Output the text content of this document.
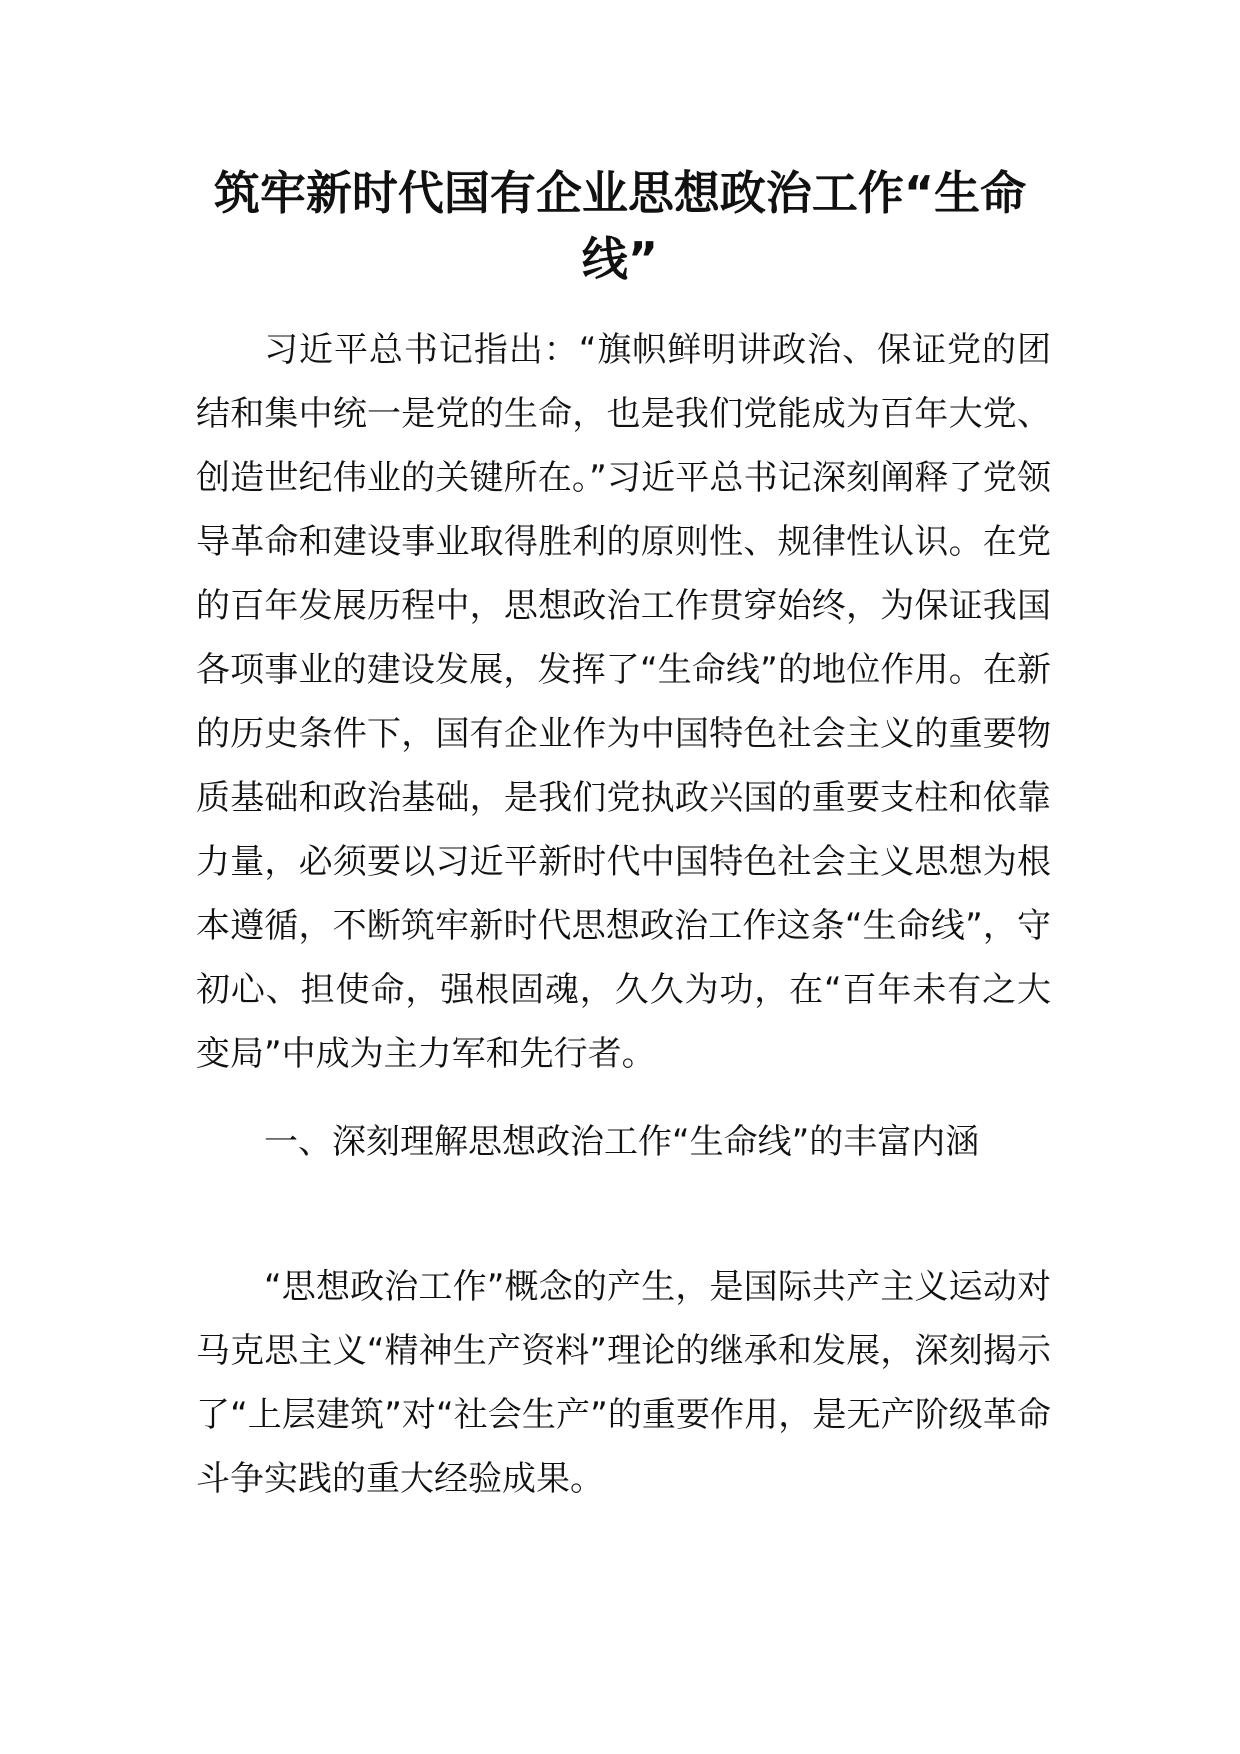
筑牢新时代国有企业思想政治工作“生命线”

习近平总书记指出：“旗帜鲜明讲政治、保证党的团结和集中统一是党的生命，也是我们党能成为百年大党、创造世纪伟业的关键所在。”习近平总书记深刻阐释了党领导革命和建设事业取得胜利的原则性、规律性认识。在党的百年发展历程中，思想政治工作贯穿始终，为保证我国各项事业的建设发展，发挥了“生命线”的地位作用。在新的历史条件下，国有企业作为中国特色社会主义的重要物质基础和政治基础，是我们党执政兴国的重要支柱和依靠力量，必须要以习近平新时代中国特色社会主义思想为根本遵循，不断筑牢新时代思想政治工作这条“生命线”，守初心、担使命，强根固魂，久久为功，在“百年未有之大变局”中成为主力军和先行者。

一、深刻理解思想政治工作“生命线”的丰富内涵

“思想政治工作”概念的产生，是国际共产主义运动对马克思主义“精神生产资料”理论的继承和发展，深刻揭示了“上层建筑”对“社会生产”的重要作用，是无产阶级革命斗争实践的重大经验成果。
